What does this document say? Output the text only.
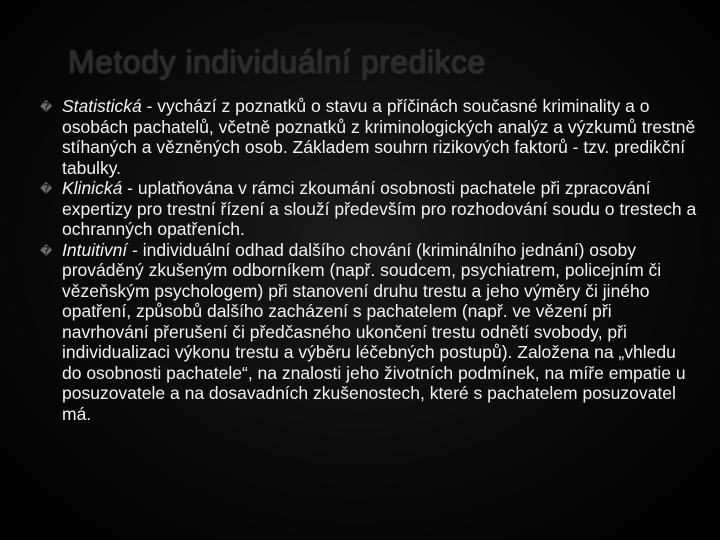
Metody individuální predikce
� Statistická - vychází z poznatků o stavu a příčinách současné kriminality a o osobách pachatelů, včetně poznatků z kriminologických analýz a výzkumů trestně stíhaných a vězněných osob. Základem souhrn rizikových faktorů - tzv. predikční tabulky.
� Klinická - uplatňována v rámci zkoumání osobnosti pachatele při zpracování expertizy pro trestní řízení a slouží především pro rozhodování soudu o trestech a ochranných opatřeních.
� Intuitivní - individuální odhad dalšího chování (kriminálního jednání) osoby prováděný zkušeným odborníkem (např. soudcem, psychiatrem, policejním či vězeňským psychologem) při stanovení druhu trestu a jeho výměry či jiného opatření, způsobů dalšího zacházení s pachatelem (např. ve vězení při navrhování přerušení či předčasného ukončení trestu odnětí svobody, při individualizaci výkonu trestu a výběru léčebných postupů). Založena na „vhledu do osobnosti pachatele“, na znalosti jeho životních podmínek, na míře empatie u posuzovatele a na dosavadních zkušenostech, které s pachatelem posuzovatel má.
